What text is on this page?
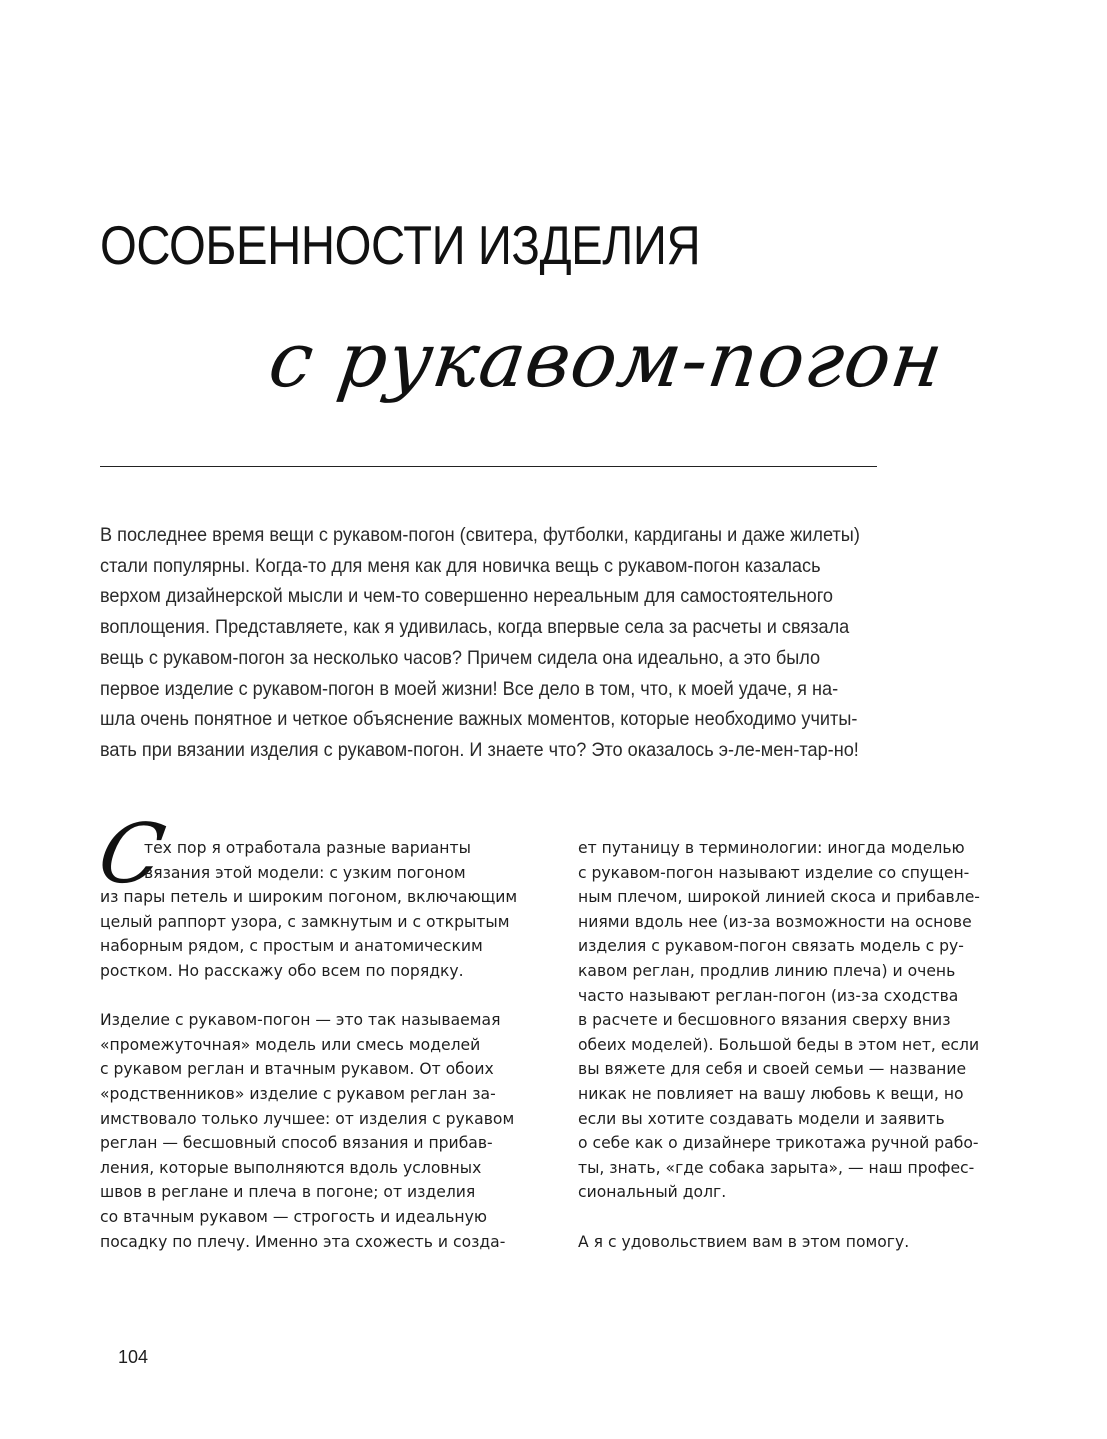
ОСОБЕННОСТИ ИЗДЕЛИЯ
с рукавом-погон

В последнее время вещи с рукавом-погон (свитера, футболки, кардиганы и даже жилеты)
стали популярны. Когда-то для меня как для новичка вещь с рукавом-погон казалась
верхом дизайнерской мысли и чем-то совершенно нереальным для самостоятельного
воплощения. Представляете, как я удивилась, когда впервые села за расчеты и связала
вещь с рукавом-погон за несколько часов? Причем сидела она идеально, а это было
первое изделие с рукавом-погон в моей жизни! Все дело в том, что, к моей удаче, я на-
шла очень понятное и четкое объяснение важных моментов, которые необходимо учиты-
вать при вязании изделия с рукавом-погон. И знаете что? Это оказалось э-ле-мен-тар-но!

С

тех пор я отработала разные варианты
вязания этой модели: с узким погоном
из пары петель и широким погоном, включающим
целый раппорт узора, с замкнутым и с открытым
наборным рядом, с простым и анатомическим
ростком. Но расскажу обо всем по порядку.

Изделие с рукавом-погон — это так называемая
«промежуточная» модель или смесь моделей
с рукавом реглан и втачным рукавом. От обоих
«родственников» изделие с рукавом реглан за-
имствовало только лучшее: от изделия с рукавом
реглан — бесшовный способ вязания и прибав-
ления, которые выполняются вдоль условных
швов в реглане и плеча в погоне; от изделия
со втачным рукавом — строгость и идеальную
посадку по плечу. Именно эта схожесть и созда-

ет путаницу в терминологии: иногда моделью
с рукавом-погон называют изделие со спущен-
ным плечом, широкой линией скоса и прибавле-
ниями вдоль нее (из-за возможности на основе
изделия с рукавом-погон связать модель с ру-
кавом реглан, продлив линию плеча) и очень
часто называют реглан-погон (из-за сходства
в расчете и бесшовного вязания сверху вниз
обеих моделей). Большой беды в этом нет, если
вы вяжете для себя и своей семьи — название
никак не повлияет на вашу любовь к вещи, но
если вы хотите создавать модели и заявить
о себе как о дизайнере трикотажа ручной рабо-
ты, знать, «где собака зарыта», — наш профес-
сиональный долг.

А я с удовольствием вам в этом помогу.

104
